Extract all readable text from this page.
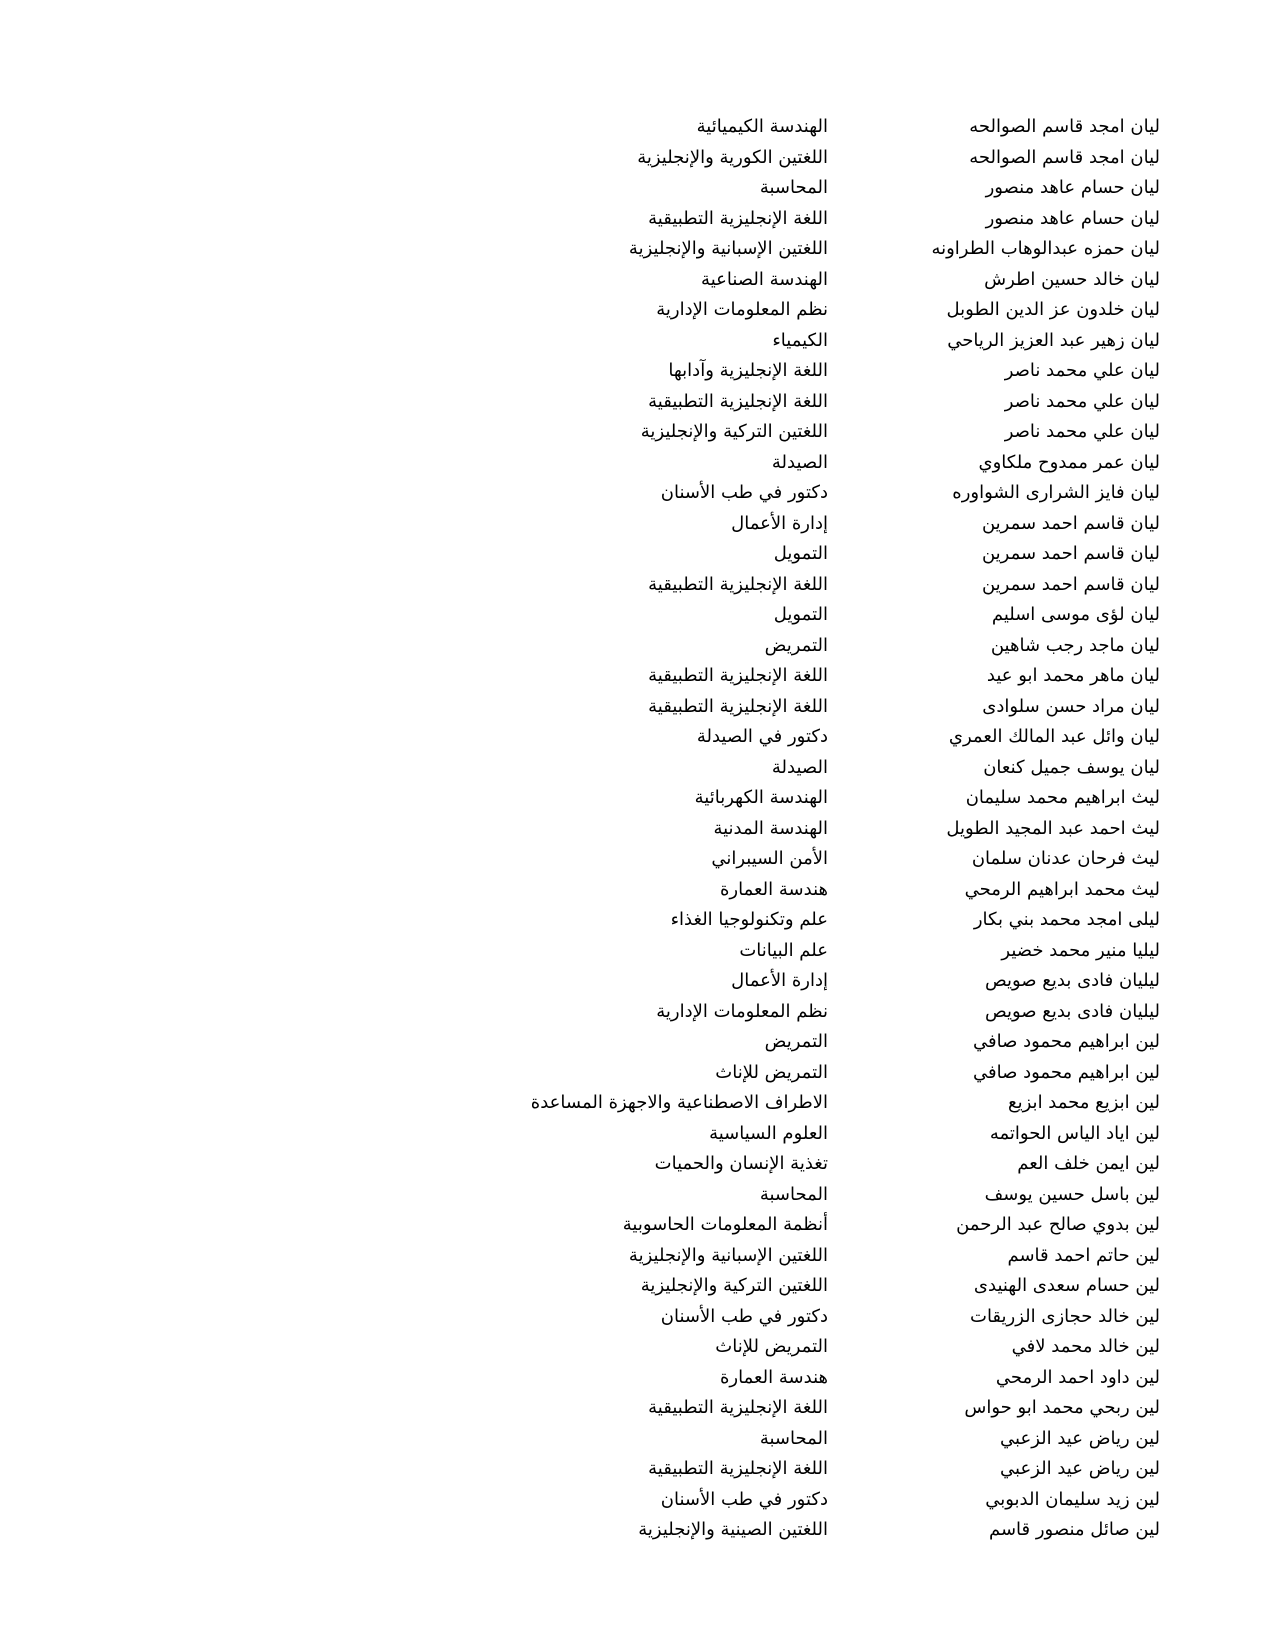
ليان امجد قاسم الصوالحه
الهندسة الكيميائية
ليان امجد قاسم الصوالحه
اللغتين الكورية والإنجليزية
ليان حسام عاهد منصور
المحاسبة
ليان حسام عاهد منصور
اللغة الإنجليزية التطبيقية
ليان حمزه عبدالوهاب الطراونه
اللغتين الإسبانية والإنجليزية
ليان خالد حسين اطرش
الهندسة الصناعية
ليان خلدون عز الدين الطوبل
نظم المعلومات الإدارية
ليان زهير عبد العزيز الرياحي
الكيمياء
ليان علي محمد ناصر
اللغة الإنجليزية وآدابها
ليان علي محمد ناصر
اللغة الإنجليزية التطبيقية
ليان علي محمد ناصر
اللغتين التركية والإنجليزية
ليان عمر ممدوح ملكاوي
الصيدلة
ليان فايز الشرارى الشواوره
دكتور في طب الأسنان
ليان قاسم احمد سمرين
إدارة الأعمال
ليان قاسم احمد سمرين
التمويل
ليان قاسم احمد سمرين
اللغة الإنجليزية التطبيقية
ليان لؤى موسى اسليم
التمويل
ليان ماجد رجب شاهين
التمريض
ليان ماهر محمد ابو عيد
اللغة الإنجليزية التطبيقية
ليان مراد حسن سلوادى
اللغة الإنجليزية التطبيقية
ليان وائل عبد المالك العمري
دكتور في الصيدلة
ليان يوسف جميل كنعان
الصيدلة
ليث ابراهيم محمد سليمان
الهندسة الكهربائية
ليث احمد عبد المجيد الطويل
الهندسة المدنية
ليث فرحان عدنان سلمان
الأمن السيبراني
ليث محمد ابراهيم الرمحي
هندسة العمارة
ليلى امجد محمد بني بكار
علم وتكنولوجيا الغذاء
ليليا منير محمد خضير
علم البيانات
ليليان فادى بديع صويص
إدارة الأعمال
ليليان فادى بديع صويص
نظم المعلومات الإدارية
لين ابراهيم محمود صافي
التمريض
لين ابراهيم محمود صافي
التمريض للإناث
لين ابزيع محمد ابزيع
الاطراف الاصطناعية والاجهزة المساعدة
لين اياد الياس الحواتمه
العلوم السياسية
لين ايمن خلف العم
تغذية الإنسان والحميات
لين باسل حسين يوسف
المحاسبة
لين بدوي صالح عبد الرحمن
أنظمة المعلومات الحاسوبية
لين حاتم احمد قاسم
اللغتين الإسبانية والإنجليزية
لين حسام سعدى الهنيدى
اللغتين التركية والإنجليزية
لين خالد حجازى الزريقات
دكتور في طب الأسنان
لين خالد محمد لافي
التمريض للإناث
لين داود احمد الرمحي
هندسة العمارة
لين ربحي محمد ابو حواس
اللغة الإنجليزية التطبيقية
لين رياض عيد الزعبي
المحاسبة
لين رياض عيد الزعبي
اللغة الإنجليزية التطبيقية
لين زيد سليمان الدبوبي
دكتور في طب الأسنان
لين صائل منصور قاسم
اللغتين الصينية والإنجليزية
